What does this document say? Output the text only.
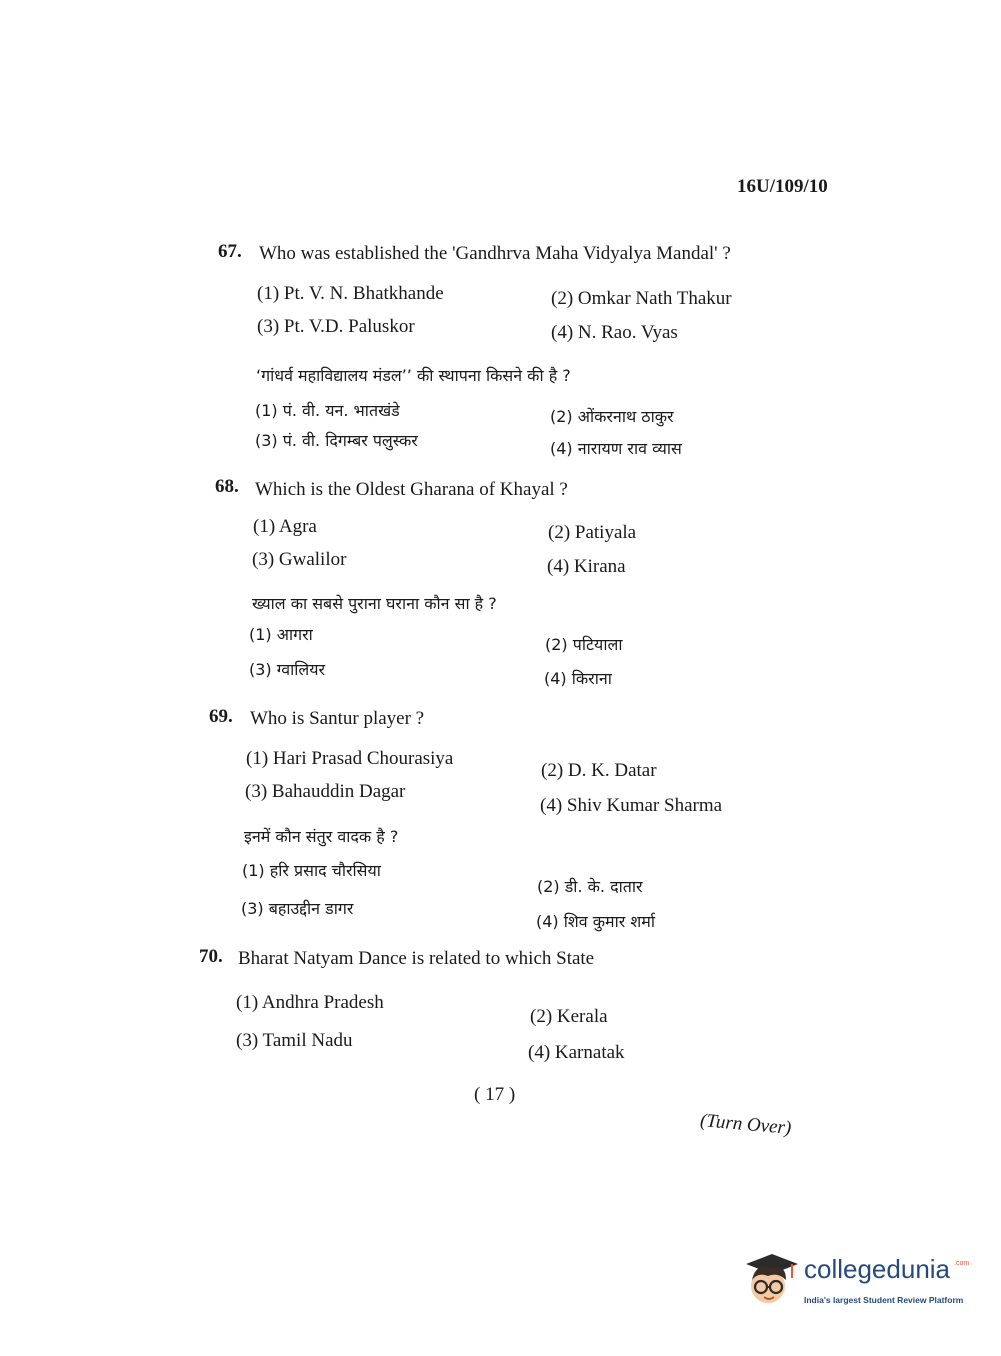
16U/109/10
67. Who was established the 'Gandhrva Maha Vidyalya Mandal' ?
(1) Pt. V. N. Bhatkhande	(2) Omkar Nath Thakur
(3) Pt. V.D. Paluskor	(4) N. Rao. Vyas
‘गांधर्व महाविद्यालय मंडल’’ की स्थापना किसने की है ?
(1) पं. वी. यन. भातखंडे	(2) ओंकरनाथ ठाकुर
(3) पं. वी. दिगम्बर पलुस्कर	(4) नारायण राव व्यास
68. Which is the Oldest Gharana of Khayal ?
(1) Agra	(2) Patiyala
(3) Gwalilor	(4) Kirana
ख्याल का सबसे पुराना घराना कौन सा है ?
(1) आगरा
(2) पटियाला
(3) ग्वालियर	(4) किराना
69. Who is Santur player ?
(1) Hari Prasad Chourasiya
(2) D. K. Datar
(3) Bahauddin Dagar
(4) Shiv Kumar Sharma
इनमें कौन संतुर वादक है ?
(1) हरि प्रसाद चौरसिया
(2) डी. के. दातार
(3) बहाउद्दीन डागर
(4) शिव कुमार शर्मा
70. Bharat Natyam Dance is related to which State
(1) Andhra Pradesh
(2) Kerala
(3) Tamil Nadu
(4) Karnatak
( 17 )
(Turn Over)
collegedunia .com
India's largest Student Review Platform
